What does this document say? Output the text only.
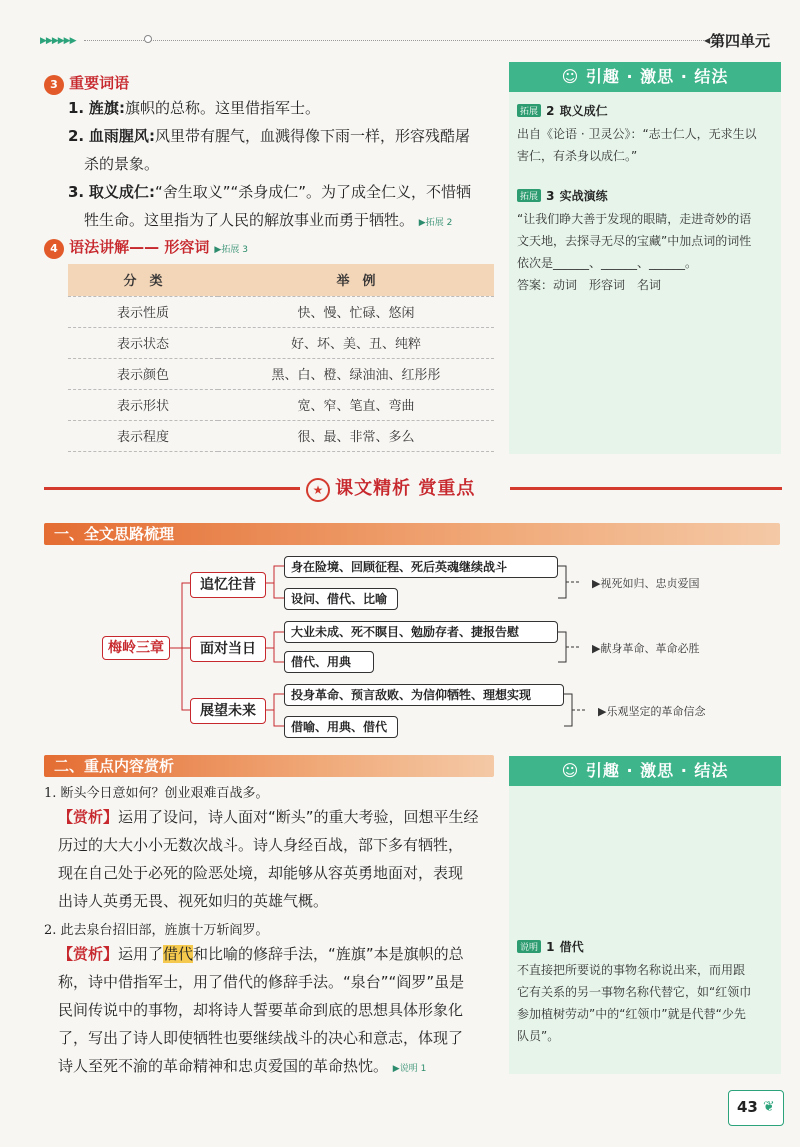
▶▶▶▶▶▶	◀ 第四单元
3 重要词语
1. 旌旗:旗帜的总称。这里借指军士。
2. 血雨腥风:风里带有腥气，血溅得像下雨一样，形容残酷屠
杀的景象。
3. 取义成仁:“舍生取义”“杀身成仁”。为了成全仁义，不惜牺
牲生命。这里指为了人民的解放事业而勇于牺牲。 ▶拓展 2
4 语法讲解—— 形容词 ▶拓展 3
分　类	举　例
表示性质	快、慢、忙碌、悠闲
表示状态	好、坏、美、丑、纯粹
表示颜色	黑、白、橙、绿油油、红彤彤
表示形状	宽、窄、笔直、弯曲
表示程度	很、最、非常、多么
☺ 引趣 · 激思 · 结法
拓展 2 取义成仁
出自《论语 · 卫灵公》：“志士仁人，无求生以
害仁，有杀身以成仁。”
拓展 3 实战演练
“让我们睁大善于发现的眼睛，走进奇妙的语
文天地，去探寻无尽的宝藏”中加点词的词性
依次是______、______、______。
答案：动词　形容词　名词
★ 课文精析 赏重点
一、全文思路梳理
梅岭三章
追忆往昔
面对当日
展望未来
身在险境、回顾征程、死后英魂继续战斗
设问、借代、比喻
▶视死如归、忠贞爱国
大业未成、死不瞑目、勉励存者、捷报告慰
借代、用典
▶献身革命、革命必胜
投身革命、预言敌败、为信仰牺牲、理想实现
借喻、用典、借代
▶乐观坚定的革命信念
二、重点内容赏析
1. 断头今日意如何？创业艰难百战多。
【赏析】运用了设问，诗人面对“断头”的重大考验，回想平生经
历过的大大小小无数次战斗。诗人身经百战，部下多有牺牲，
现在自己处于必死的险恶处境，却能够从容英勇地面对，表现
出诗人英勇无畏、视死如归的英雄气概。
2. 此去泉台招旧部，旌旗十万斩阎罗。
【赏析】运用了借代和比喻的修辞手法，“旌旗”本是旗帜的总
称，诗中借指军士，用了借代的修辞手法。“泉台”“阎罗”虽是
民间传说中的事物，却将诗人誓要革命到底的思想具体形象化
了，写出了诗人即使牺牲也要继续战斗的决心和意志，体现了
诗人至死不渝的革命精神和忠贞爱国的革命热忱。 ▶说明 1
☺ 引趣 · 激思 · 结法
说明 1 借代
不直接把所要说的事物名称说出来，而用跟
它有关系的另一事物名称代替它，如“红领巾
参加植树劳动”中的“红领巾”就是代替“少先
队员”。
43 ❦
